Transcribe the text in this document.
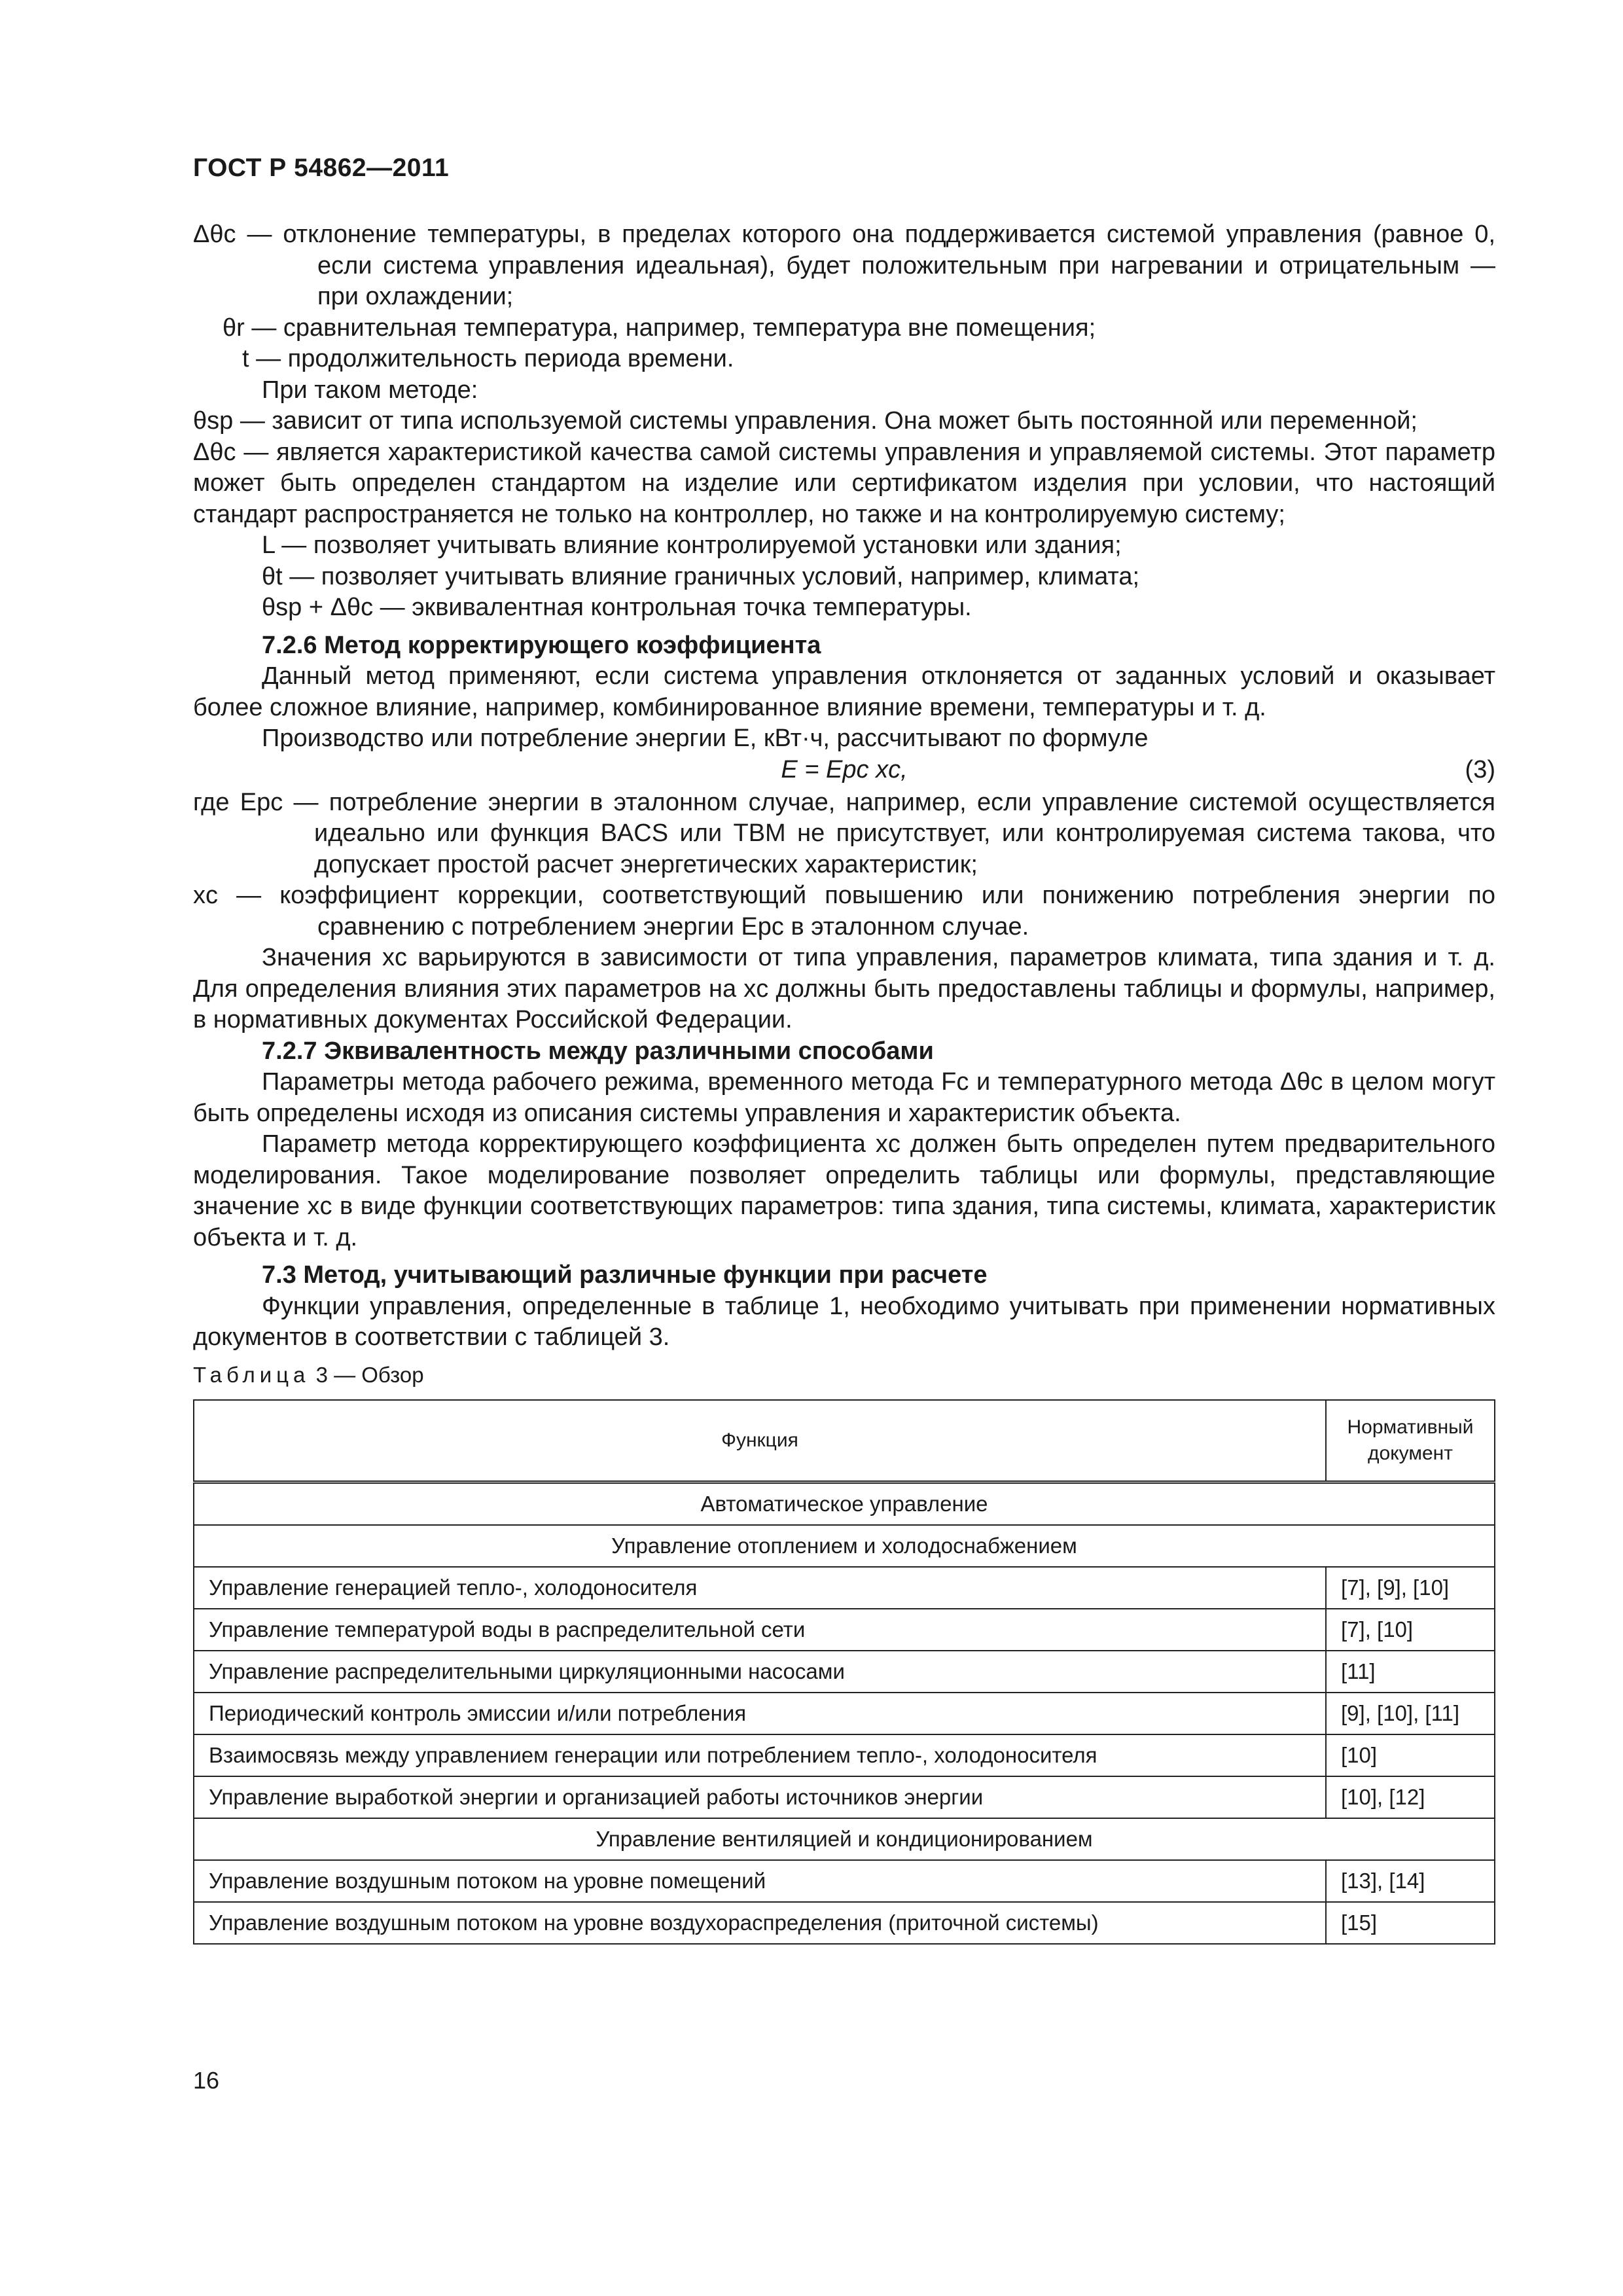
ГОСТ Р 54862—2011

Δθc — отклонение температуры, в пределах которого она поддерживается системой управления (равное 0, если система управления идеальная), будет положительным при нагревании и отрицательным — при охлаждении;

θr — сравнительная температура, например, температура вне помещения;

t — продолжительность периода времени.

При таком методе:

θsp — зависит от типа используемой системы управления. Она может быть постоянной или переменной;

Δθc — является характеристикой качества самой системы управления и управляемой системы. Этот параметр может быть определен стандартом на изделие или сертификатом изделия при условии, что настоящий стандарт распространяется не только на контроллер, но также и на контролируемую систему;

L — позволяет учитывать влияние контролируемой установки или здания;

θt — позволяет учитывать влияние граничных условий, например, климата;

θsp + Δθc — эквивалентная контрольная точка температуры.

7.2.6 Метод корректирующего коэффициента

Данный метод применяют, если система управления отклоняется от заданных условий и оказывает более сложное влияние, например, комбинированное влияние времени, температуры и т. д.

Производство или потребление энергии E, кВт·ч, рассчитывают по формуле

E = Epc xc,	(3)

где Epc — потребление энергии в эталонном случае, например, если управление системой осуществляется идеально или функция BACS или ТВМ не присутствует, или контролируемая система такова, что допускает простой расчет энергетических характеристик;

xc — коэффициент коррекции, соответствующий повышению или понижению потребления энергии по сравнению с потреблением энергии Epc в эталонном случае.

Значения xc варьируются в зависимости от типа управления, параметров климата, типа здания и т. д. Для определения влияния этих параметров на xc должны быть предоставлены таблицы и формулы, например, в нормативных документах Российской Федерации.

7.2.7 Эквивалентность между различными способами

Параметры метода рабочего режима, временного метода Fc и температурного метода Δθc в целом могут быть определены исходя из описания системы управления и характеристик объекта.

Параметр метода корректирующего коэффициента xc должен быть определен путем предварительного моделирования. Такое моделирование позволяет определить таблицы или формулы, представляющие значение xc в виде функции соответствующих параметров: типа здания, типа системы, климата, характеристик объекта и т. д.

7.3 Метод, учитывающий различные функции при расчете

Функции управления, определенные в таблице 1, необходимо учитывать при применении нормативных документов в соответствии с таблицей 3.

Таблица 3 — Обзор
Функция	Нормативный документ
Автоматическое управление	
Управление отоплением и холодоснабжением	
Управление генерацией тепло-, холодоносителя	[7], [9], [10]
Управление температурой воды в распределительной сети	[7], [10]
Управление распределительными циркуляционными насосами	[11]
Периодический контроль эмиссии и/или потребления	[9], [10], [11]
Взаимосвязь между управлением генерации или потреблением тепло-, холодоносителя	[10]
Управление выработкой энергии и организацией работы источников энергии	[10], [12]
Управление вентиляцией и кондиционированием	
Управление воздушным потоком на уровне помещений	[13], [14]
Управление воздушным потоком на уровне воздухораспределения (приточной системы)	[15]
16
